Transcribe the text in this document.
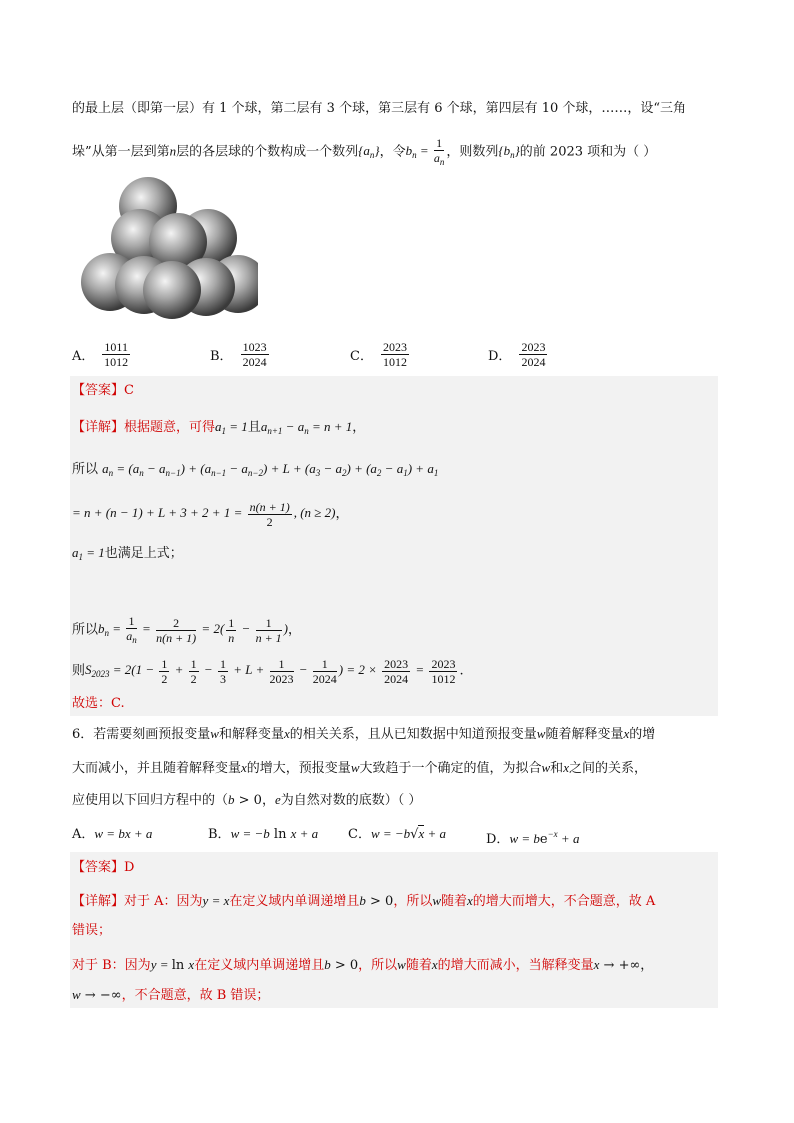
的最上层（即第一层）有 1 个球，第二层有 3 个球，第三层有 6 个球，第四层有 10 个球，……，设“三角
垛”从第一层到第n层的各层球的个数构成一个数列$\{a_n\}$，令$b_n = \frac{1}{a_n}$ ，则数列$\{b_n\}$的前 2023 项和为（ ）
A． $\frac{1011}{1012}$	B． $\frac{1023}{2024}$	C． $\frac{2023}{1012}$	D． $\frac{2023}{2024}$
【答案】C
【详解】根据题意，可得$a_1 = 1$且$a_{n+1} - a_n = n + 1$，
所以 $a_n = (a_n - a_{n-1}) + (a_{n-1} - a_{n-2}) + L + (a_3 - a_2) + (a_2 - a_1) + a_1$
= $n + (n - 1) + L + 3 + 2 + 1 = \frac{n(n + 1)}{2}$ , (n ≥ 2)，
$a_1 = 1$也满足上式；
所以$b_n = \frac{1}{a_n} = \frac{2}{n(n + 1)} = 2( \frac{1}{n} - \frac{1}{n + 1}$ )，
则$S_{2023} = 2(1 - \frac{1}{2} + \frac{1}{2} - \frac{1}{3} + L + \frac{1}{2023} - \frac{1}{2024}$ ) = $2 \times \frac{2023}{2024} = \frac{2023}{1012}$ .
故选：C.
6．若需要刻画预报变量w和解释变量x的相关关系，且从已知数据中知道预报变量w随着解释变量x的增
大而减小，并且随着解释变量x的增大，预报变量w大致趋于一个确定的值，为拟合w和x之间的关系，
应使用以下回归方程中的（b > 0，e为自然对数的底数）（ ）
A．w = bx + a	B．w = −b ln x + a C．w = −b√x + a	D．$w = be^{-x} + a$
【答案】D
【详解】对于 A：因为y = x在定义域内单调递增且b > 0，所以w随着x的增大而增大，不合题意，故 A
错误；
对于 B：因为y = ln x在定义域内单调递增且b > 0，所以w随着x的增大而减小，当解释变量x → +∞，
w → −∞，不合题意，故 B 错误；
